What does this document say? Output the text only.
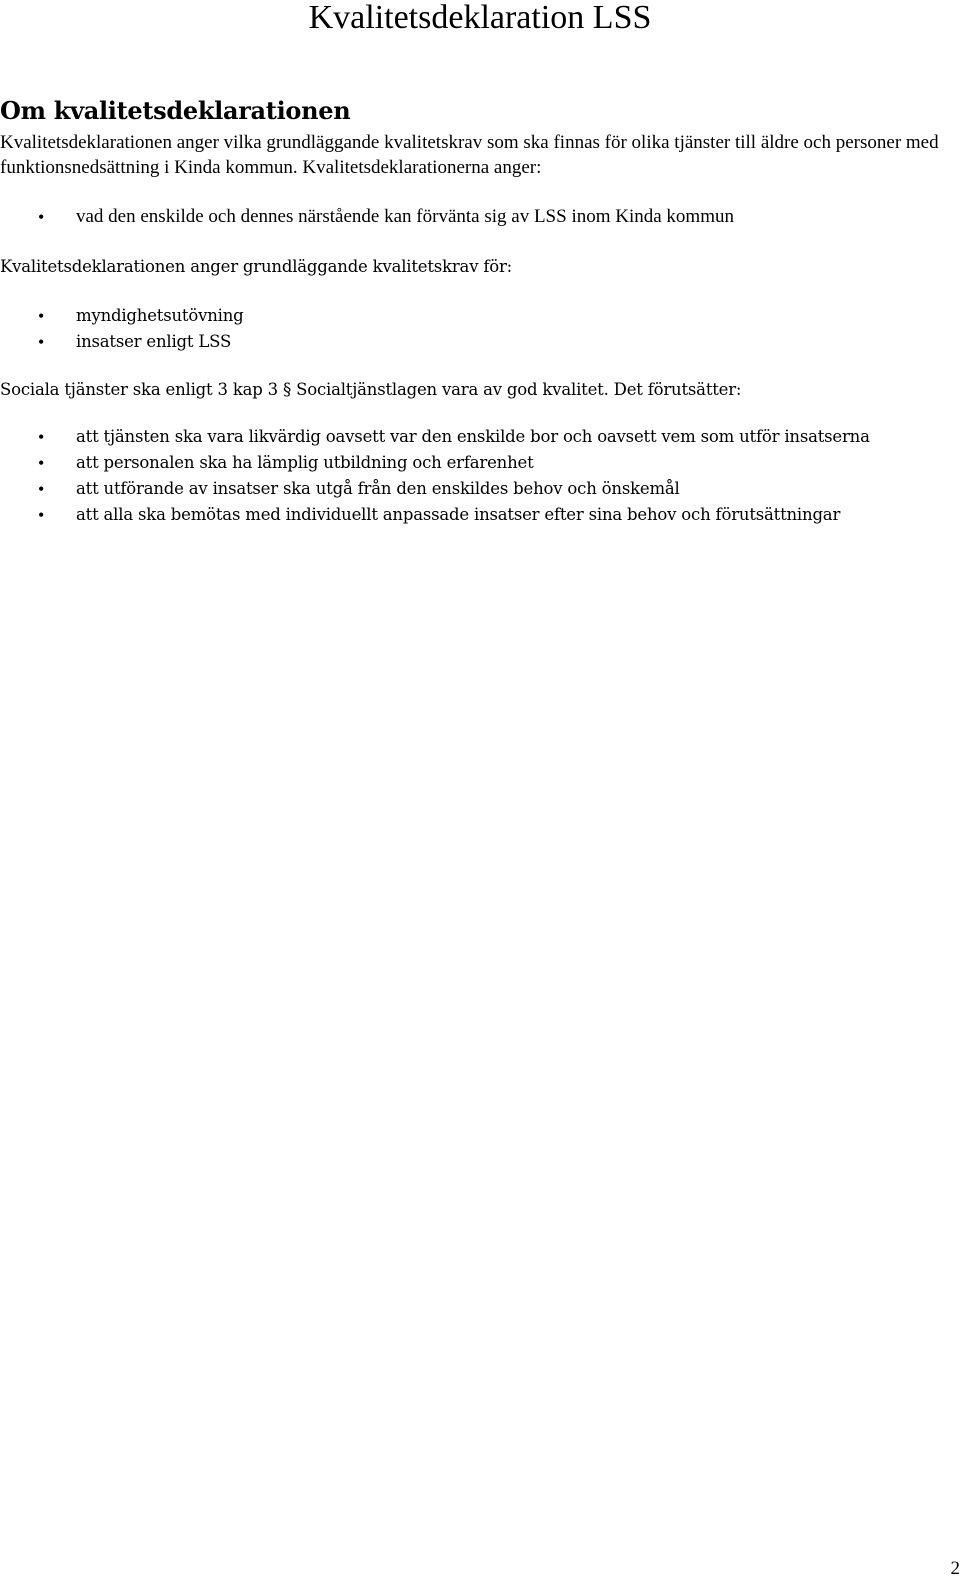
Kvalitetsdeklaration LSS
Om kvalitetsdeklarationen

Kvalitetsdeklarationen anger vilka grundläggande kvalitetskrav som ska finnas för olika tjänster till äldre och personer med funktionsnedsättning i Kinda kommun. Kvalitetsdeklarationerna anger:

• vad den enskilde och dennes närstående kan förvänta sig av LSS inom Kinda kommun

Kvalitetsdeklarationen anger grundläggande kvalitetskrav för:

• myndighetsutövning
• insatser enligt LSS

Sociala tjänster ska enligt 3 kap 3 § Socialtjänstlagen vara av god kvalitet. Det förutsätter:

• att tjänsten ska vara likvärdig oavsett var den enskilde bor och oavsett vem som utför insatserna
• att personalen ska ha lämplig utbildning och erfarenhet
• att utförande av insatser ska utgå från den enskildes behov och önskemål
• att alla ska bemötas med individuellt anpassade insatser efter sina behov och förutsättningar
2
